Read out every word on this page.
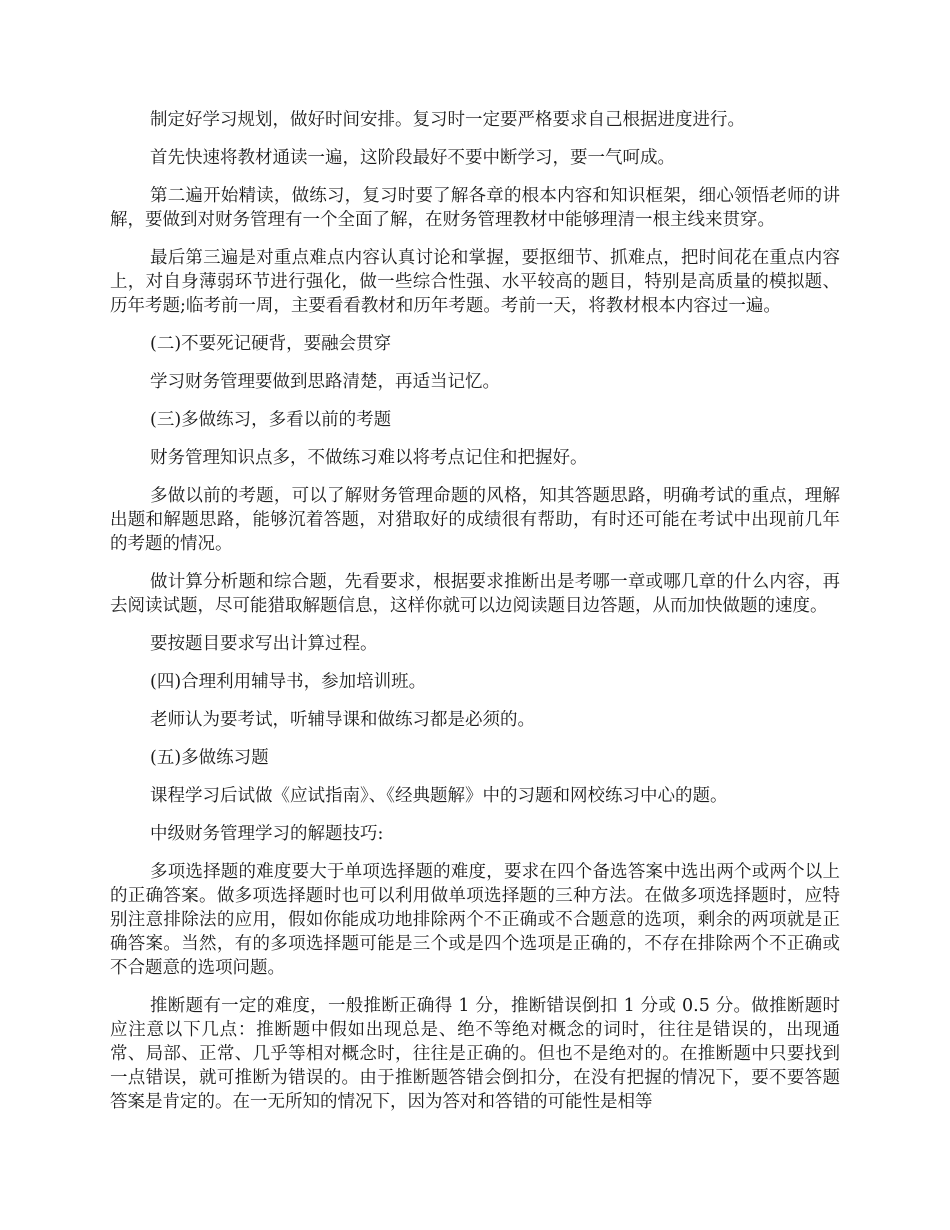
制定好学习规划，做好时间安排。复习时一定要严格要求自己根据进度进行。

首先快速将教材通读一遍，这阶段最好不要中断学习，要一气呵成。

第二遍开始精读，做练习，复习时要了解各章的根本内容和知识框架，细心领悟老师的讲解，要做到对财务管理有一个全面了解，在财务管理教材中能够理清一根主线来贯穿。

最后第三遍是对重点难点内容认真讨论和掌握，要抠细节、抓难点，把时间花在重点内容上，对自身薄弱环节进行强化，做一些综合性强、水平较高的题目，特别是高质量的模拟题、历年考题;临考前一周，主要看看教材和历年考题。考前一天，将教材根本内容过一遍。

(二)不要死记硬背，要融会贯穿

学习财务管理要做到思路清楚，再适当记忆。

(三)多做练习，多看以前的考题

财务管理知识点多，不做练习难以将考点记住和把握好。

多做以前的考题，可以了解财务管理命题的风格，知其答题思路，明确考试的重点，理解出题和解题思路，能够沉着答题，对猎取好的成绩很有帮助，有时还可能在考试中出现前几年的考题的情况。

做计算分析题和综合题，先看要求，根据要求推断出是考哪一章或哪几章的什么内容，再去阅读试题，尽可能猎取解题信息，这样你就可以边阅读题目边答题，从而加快做题的速度。

要按题目要求写出计算过程。

(四)合理利用辅导书，参加培训班。

老师认为要考试，听辅导课和做练习都是必须的。

(五)多做练习题

课程学习后试做《应试指南》、《经典题解》中的习题和网校练习中心的题。

中级财务管理学习的解题技巧:

多项选择题的难度要大于单项选择题的难度，要求在四个备选答案中选出两个或两个以上的正确答案。做多项选择题时也可以利用做单项选择题的三种方法。在做多项选择题时，应特别注意排除法的应用，假如你能成功地排除两个不正确或不合题意的选项，剩余的两项就是正确答案。当然，有的多项选择题可能是三个或是四个选项是正确的，不存在排除两个不正确或不合题意的选项问题。

推断题有一定的难度，一般推断正确得 1 分，推断错误倒扣 1 分或 0.5 分。做推断题时应注意以下几点：推断题中假如出现总是、绝不等绝对概念的词时，往往是错误的，出现通常、局部、正常、几乎等相对概念时，往往是正确的。但也不是绝对的。在推断题中只要找到一点错误，就可推断为错误的。由于推断题答错会倒扣分，在没有把握的情况下，要不要答题答案是肯定的。在一无所知的情况下，因为答对和答错的可能性是相等
